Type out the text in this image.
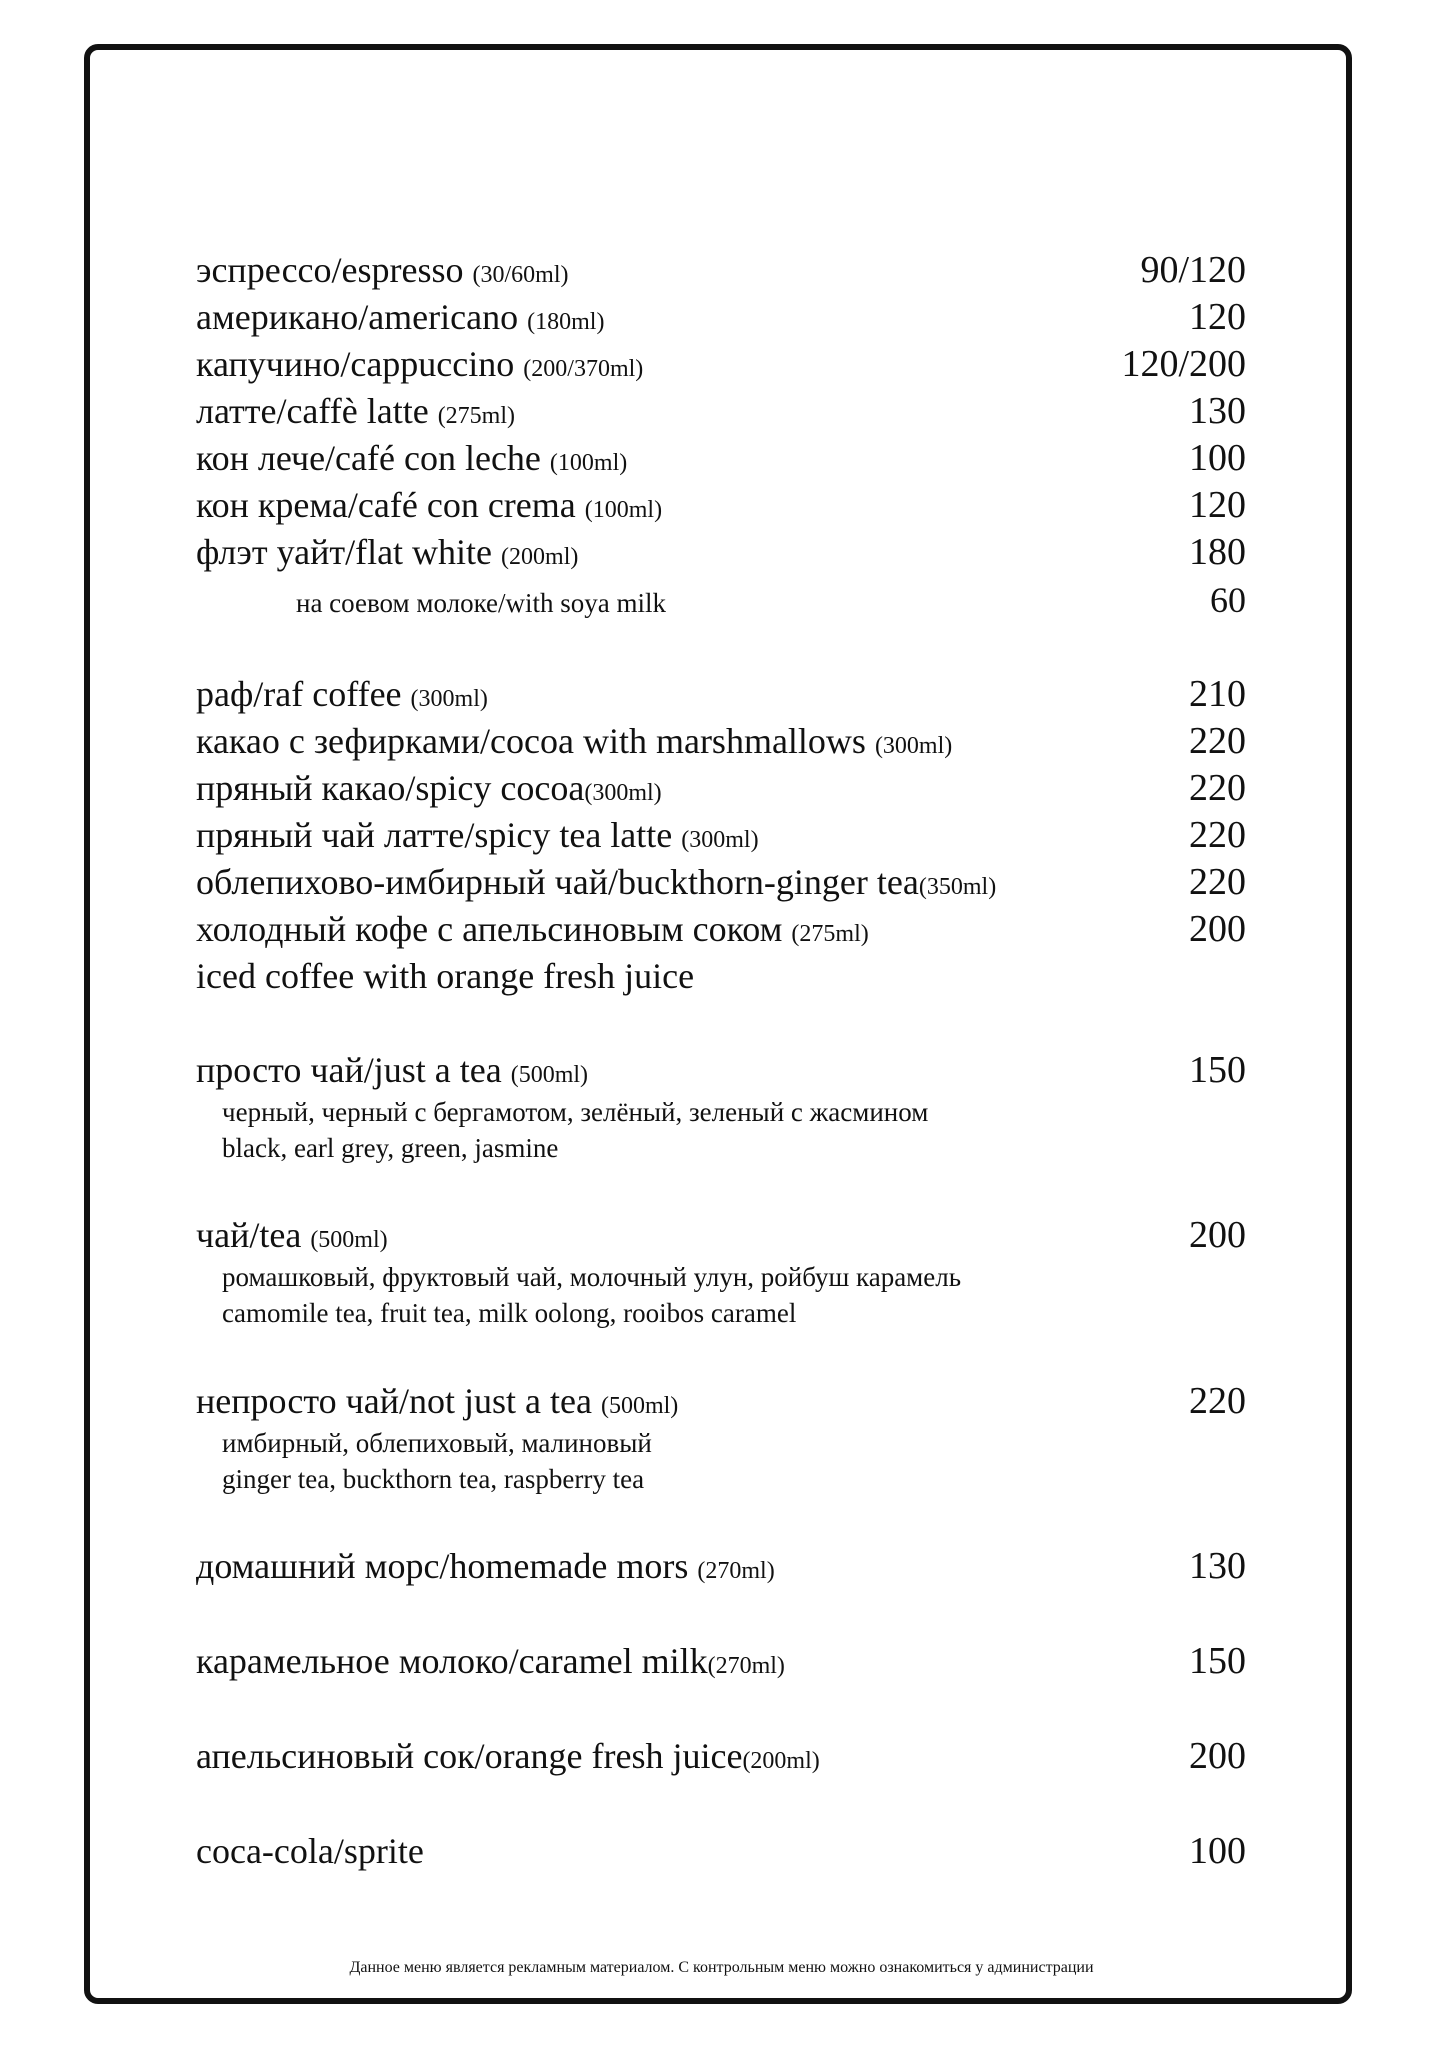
эспрессо/espresso (30/60ml)	90/120
американо/americano (180ml)	120
капучино/cappuccino (200/370ml)	120/200
латте/caffè latte (275ml)	130
кон лече/café con leche (100ml)	100
кон крема/café con crema (100ml)	120
флэт уайт/flat white (200ml)	180
на соевом молоке/with soya milk	60
раф/raf coffee (300ml)	210
какао с зефирками/cocoa with marshmallows (300ml)	220
пряный какао/spicy cocoa(300ml)	220
пряный чай латте/spicy tea latte (300ml)	220
облепихово-имбирный чай/buckthorn-ginger tea(350ml)	220
холодный кофе с апельсиновым соком (275ml)	200
iced coffee with orange fresh juice
просто чай/just a tea (500ml)	150
черный, черный с бергамотом, зелёный, зеленый с жасмином
black, earl grey, green, jasmine
чай/tea (500ml)	200
ромашковый, фруктовый чай, молочный улун, ройбуш карамель
camomile tea, fruit tea, milk oolong, rooibos caramel
непросто чай/not just a tea (500ml)	220
имбирный, облепиховый, малиновый
ginger tea, buckthorn tea, raspberry tea
домашний морс/homemade mors (270ml)	130
карамельное молоко/caramel milk(270ml)	150
апельсиновый сок/orange fresh juice(200ml)	200
coca-cola/sprite	100
Данное меню является рекламным материалом. С контрольным меню можно ознакомиться у администрации
